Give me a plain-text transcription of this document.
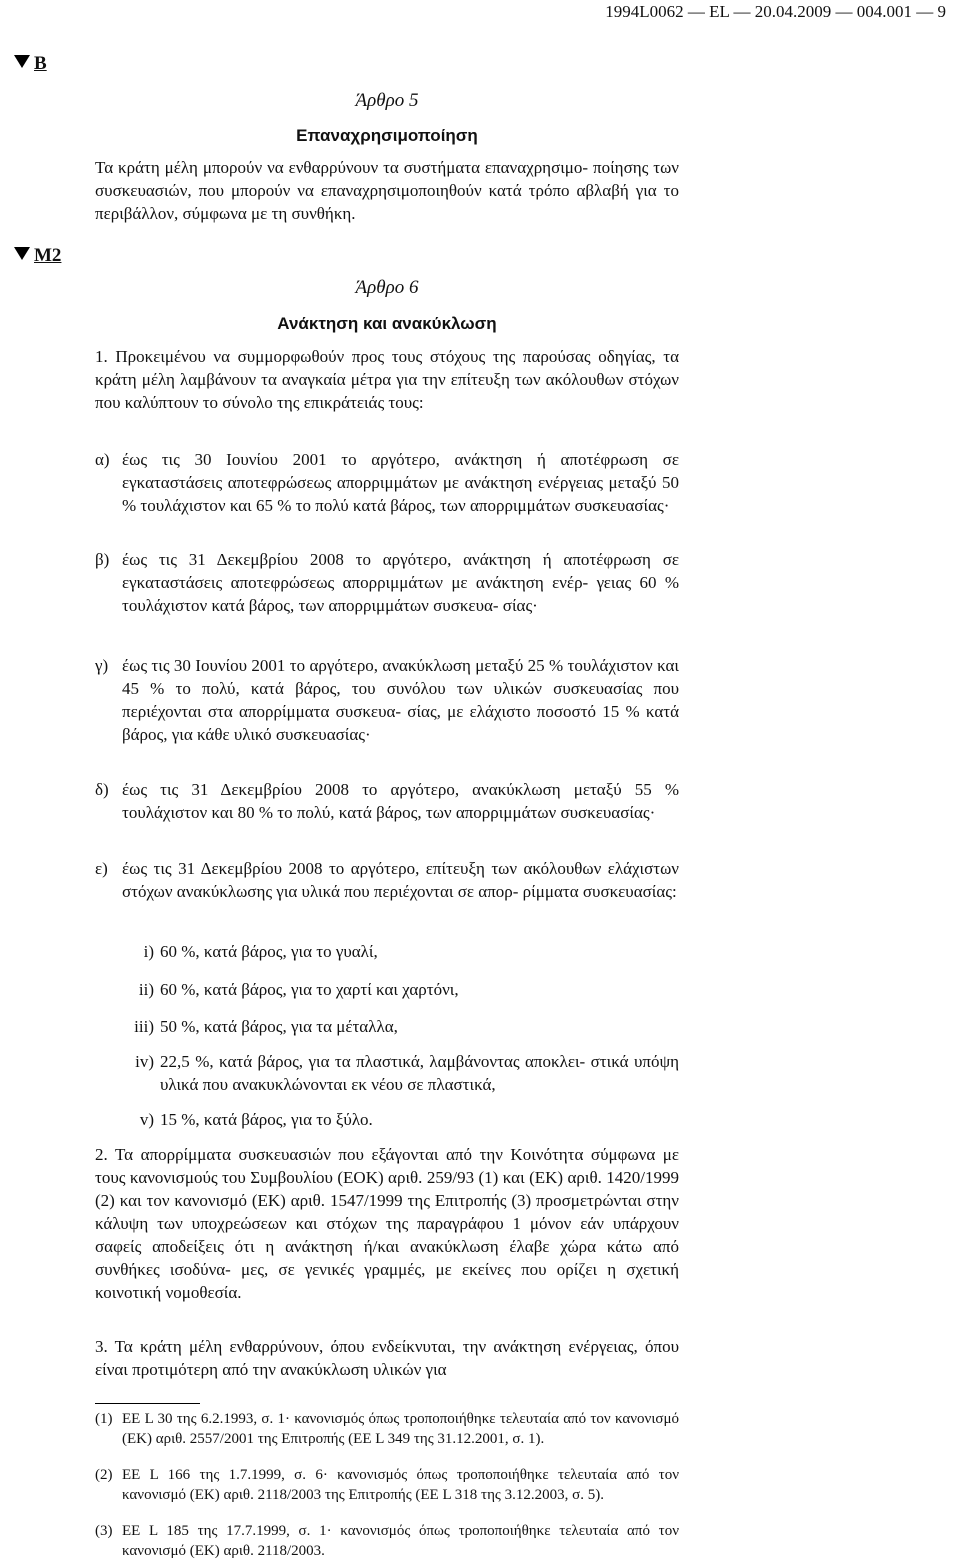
1994L0062 — EL — 20.04.2009 — 004.001 — 9
B
Άρθρο 5
Επαναχρησιμοποίηση
Τα κράτη μέλη μπορούν να ενθαρρύνουν τα συστήματα επαναχρησιμο- ποίησης των συσκευασιών, που μπορούν να επαναχρησιμοποιηθούν κατά τρόπο αβλαβή για το περιβάλλον, σύμφωνα με τη συνθήκη.
M2
Άρθρο 6
Ανάκτηση και ανακύκλωση
1. Προκειμένου να συμμορφωθούν προς τους στόχους της παρούσας οδηγίας, τα κράτη μέλη λαμβάνουν τα αναγκαία μέτρα για την επίτευξη των ακόλουθων στόχων που καλύπτουν το σύνολο της επικράτειάς τους:
α) έως τις 30 Ιουνίου 2001 το αργότερο, ανάκτηση ή αποτέφρωση σε εγκαταστάσεις αποτεφρώσεως απορριμμάτων με ανάκτηση ενέργειας μεταξύ 50 % τουλάχιστον και 65 % το πολύ κατά βάρος, των απορριμμάτων συσκευασίας·
β) έως τις 31 Δεκεμβρίου 2008 το αργότερο, ανάκτηση ή αποτέφρωση σε εγκαταστάσεις αποτεφρώσεως απορριμμάτων με ανάκτηση ενέρ- γειας 60 % τουλάχιστον κατά βάρος, των απορριμμάτων συσκευα- σίας·
γ) έως τις 30 Ιουνίου 2001 το αργότερο, ανακύκλωση μεταξύ 25 % τουλάχιστον και 45 % το πολύ, κατά βάρος, του συνόλου των υλικών συσκευασίας που περιέχονται στα απορρίμματα συσκευα- σίας, με ελάχιστο ποσοστό 15 % κατά βάρος, για κάθε υλικό συσκευασίας·
δ) έως τις 31 Δεκεμβρίου 2008 το αργότερο, ανακύκλωση μεταξύ 55 % τουλάχιστον και 80 % το πολύ, κατά βάρος, των απορριμμάτων συσκευασίας·
ε) έως τις 31 Δεκεμβρίου 2008 το αργότερο, επίτευξη των ακόλουθων ελάχιστων στόχων ανακύκλωσης για υλικά που περιέχονται σε απορ- ρίμματα συσκευασίας:
i) 60 %, κατά βάρος, για το γυαλί,
ii) 60 %, κατά βάρος, για το χαρτί και χαρτόνι,
iii) 50 %, κατά βάρος, για τα μέταλλα,
iv) 22,5 %, κατά βάρος, για τα πλαστικά, λαμβάνοντας αποκλει- στικά υπόψη υλικά που ανακυκλώνονται εκ νέου σε πλαστικά,
v) 15 %, κατά βάρος, για το ξύλο.
2. Τα απορρίμματα συσκευασιών που εξάγονται από την Κοινότητα σύμφωνα με τους κανονισμούς του Συμβουλίου (ΕΟΚ) αριθ. 259/93 (1) και (ΕΚ) αριθ. 1420/1999 (2) και τον κανονισμό (ΕΚ) αριθ. 1547/1999 της Επιτροπής (3) προσμετρώνται στην κάλυψη των υποχρεώσεων και στόχων της παραγράφου 1 μόνον εάν υπάρχουν σαφείς αποδείξεις ότι η ανάκτηση ή/και ανακύκλωση έλαβε χώρα κάτω από συνθήκες ισοδύνα- μες, σε γενικές γραμμές, με εκείνες που ορίζει η σχετική κοινοτική νομοθεσία.
3. Τα κράτη μέλη ενθαρρύνουν, όπου ενδείκνυται, την ανάκτηση ενέργειας, όπου είναι προτιμότερη από την ανακύκλωση υλικών για
(1) ΕΕ L 30 της 6.2.1993, σ. 1· κανονισμός όπως τροποποιήθηκε τελευταία από τον κανονισμό (ΕΚ) αριθ. 2557/2001 της Επιτροπής (ΕΕ L 349 της 31.12.2001, σ. 1).
(2) ΕΕ L 166 της 1.7.1999, σ. 6· κανονισμός όπως τροποποιήθηκε τελευταία από τον κανονισμό (ΕΚ) αριθ. 2118/2003 της Επιτροπής (ΕΕ L 318 της 3.12.2003, σ. 5).
(3) ΕΕ L 185 της 17.7.1999, σ. 1· κανονισμός όπως τροποποιήθηκε τελευταία από τον κανονισμό (ΕΚ) αριθ. 2118/2003.
